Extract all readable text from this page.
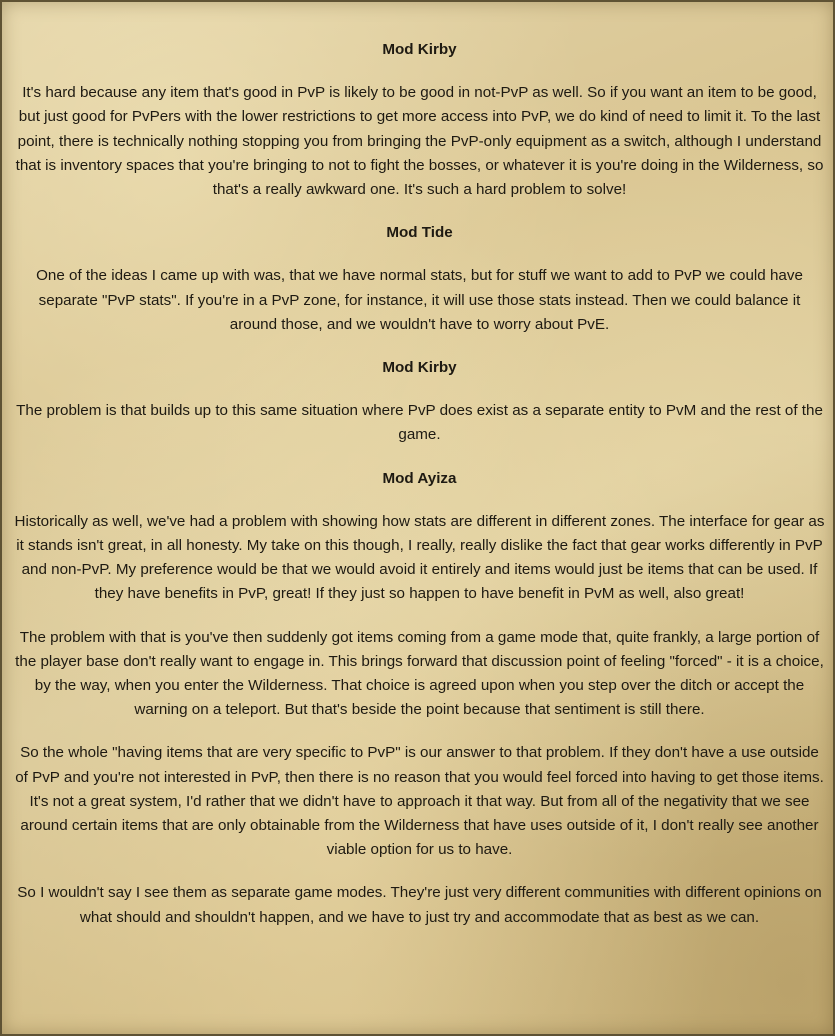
Mod Kirby
It's hard because any item that's good in PvP is likely to be good in not-PvP as well. So if you want an item to be good, but just good for PvPers with the lower restrictions to get more access into PvP, we do kind of need to limit it. To the last point, there is technically nothing stopping you from bringing the PvP-only equipment as a switch, although I understand that is inventory spaces that you're bringing to not to fight the bosses, or whatever it is you're doing in the Wilderness, so that's a really awkward one. It's such a hard problem to solve!
Mod Tide
One of the ideas I came up with was, that we have normal stats, but for stuff we want to add to PvP we could have separate "PvP stats". If you're in a PvP zone, for instance, it will use those stats instead. Then we could balance it around those, and we wouldn't have to worry about PvE.
Mod Kirby
The problem is that builds up to this same situation where PvP does exist as a separate entity to PvM and the rest of the game.
Mod Ayiza
Historically as well, we've had a problem with showing how stats are different in different zones. The interface for gear as it stands isn't great, in all honesty. My take on this though, I really, really dislike the fact that gear works differently in PvP and non-PvP. My preference would be that we would avoid it entirely and items would just be items that can be used. If they have benefits in PvP, great! If they just so happen to have benefit in PvM as well, also great!
The problem with that is you've then suddenly got items coming from a game mode that, quite frankly, a large portion of the player base don't really want to engage in. This brings forward that discussion point of feeling "forced" - it is a choice, by the way, when you enter the Wilderness. That choice is agreed upon when you step over the ditch or accept the warning on a teleport. But that's beside the point because that sentiment is still there.
So the whole "having items that are very specific to PvP" is our answer to that problem. If they don't have a use outside of PvP and you're not interested in PvP, then there is no reason that you would feel forced into having to get those items. It's not a great system, I'd rather that we didn't have to approach it that way. But from all of the negativity that we see around certain items that are only obtainable from the Wilderness that have uses outside of it, I don't really see another viable option for us to have.
So I wouldn't say I see them as separate game modes. They're just very different communities with different opinions on what should and shouldn't happen, and we have to just try and accommodate that as best as we can.
